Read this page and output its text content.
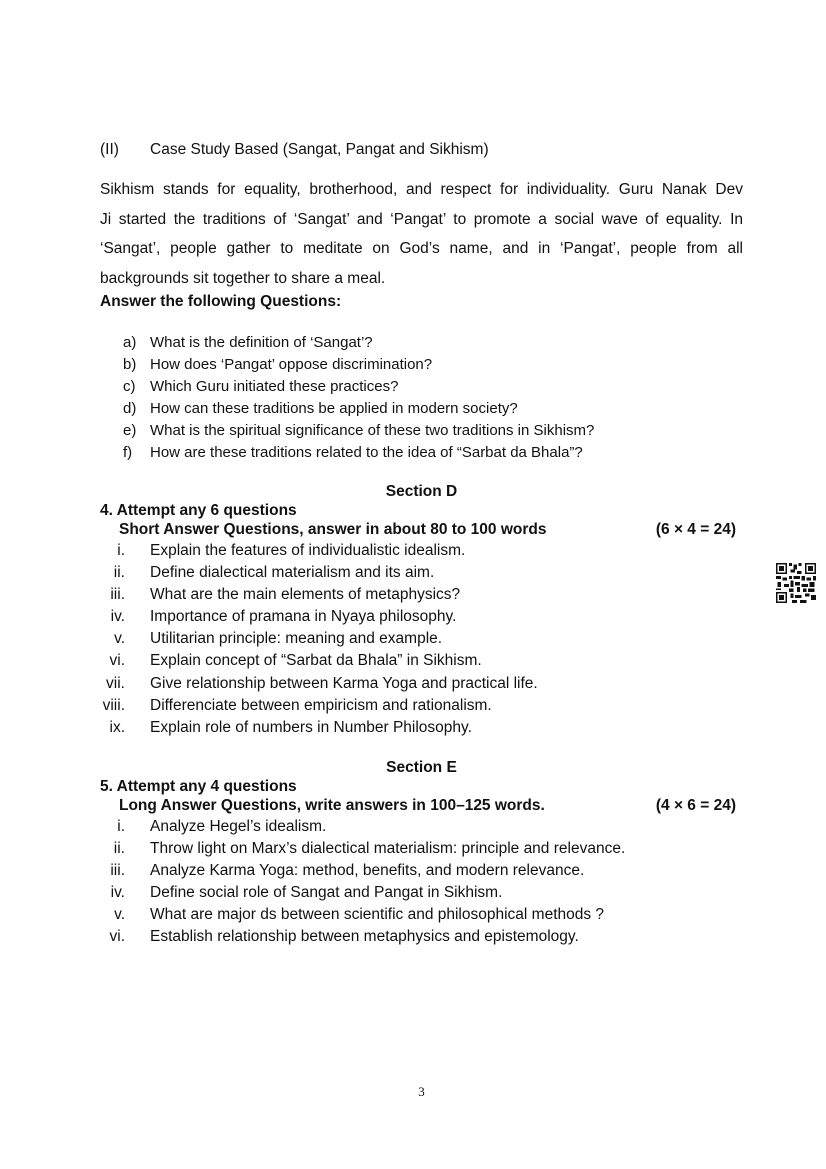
(II) Case Study Based (Sangat, Pangat and Sikhism)
Sikhism stands for equality, brotherhood, and respect for individuality. Guru Nanak Dev
Ji started the traditions of ‘Sangat’ and ‘Pangat’ to promote a social wave of equality. In
‘Sangat’, people gather to meditate on God’s name, and in ‘Pangat’, people from all
backgrounds sit together to share a meal.
Answer the following Questions:
a) What is the definition of ‘Sangat’?
b) How does ‘Pangat’ oppose discrimination?
c) Which Guru initiated these practices?
d) How can these traditions be applied in modern society?
e) What is the spiritual significance of these two traditions in Sikhism?
f) How are these traditions related to the idea of “Sarbat da Bhala”?
Section D
4. Attempt any 6 questions
Short Answer Questions, answer in about 80 to 100 words	(6 × 4 = 24)
i. Explain the features of individualistic idealism.
ii. Define dialectical materialism and its aim.
iii. What are the main elements of metaphysics?
iv. Importance of pramana in Nyaya philosophy.
v. Utilitarian principle: meaning and example.
vi. Explain concept of “Sarbat da Bhala” in Sikhism.
vii. Give relationship between Karma Yoga and practical life.
viii. Differenciate between empiricism and rationalism.
ix. Explain role of numbers in Number Philosophy.
Section E
5. Attempt any 4 questions
Long Answer Questions, write answers in 100–125 words.	(4 × 6 = 24)
i. Analyze Hegel’s idealism.
ii. Throw light on Marx’s dialectical materialism: principle and relevance.
iii. Analyze Karma Yoga: method, benefits, and modern relevance.
iv. Define social role of Sangat and Pangat in Sikhism.
v. What are major ds between scientific and philosophical methods ?
vi. Establish relationship between metaphysics and epistemology.
3
